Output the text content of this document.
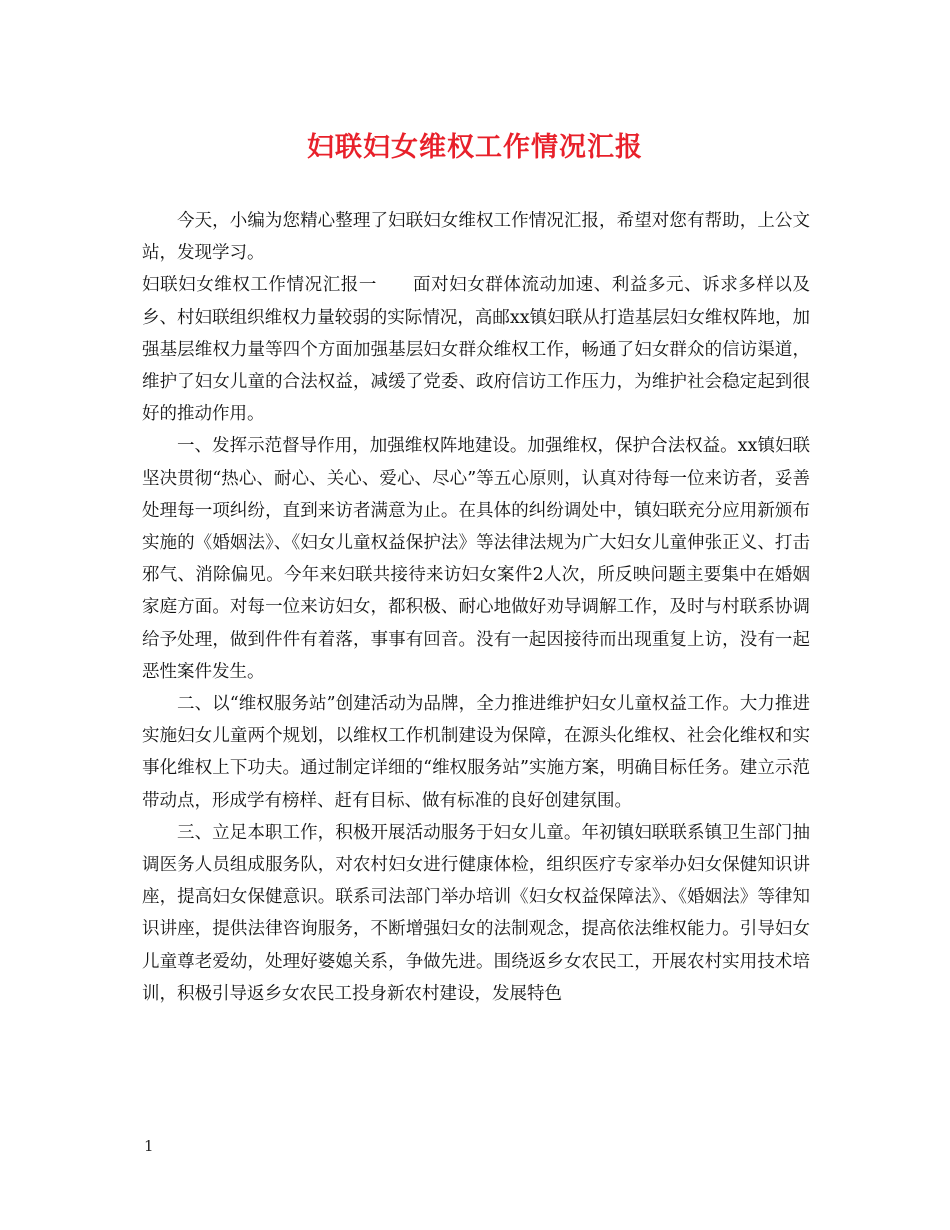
妇联妇女维权工作情况汇报

今天，小编为您精心整理了妇联妇女维权工作情况汇报，希望对您有帮助，上公文站，发现学习。

妇联妇女维权工作情况汇报一　　面对妇女群体流动加速、利益多元、诉求多样以及乡、村妇联组织维权力量较弱的实际情况，高邮xx镇妇联从打造基层妇女维权阵地，加强基层维权力量等四个方面加强基层妇女群众维权工作，畅通了妇女群众的信访渠道，维护了妇女儿童的合法权益，减缓了党委、政府信访工作压力，为维护社会稳定起到很好的推动作用。

一、发挥示范督导作用，加强维权阵地建设。加强维权，保护合法权益。xx镇妇联坚决贯彻“热心、耐心、关心、爱心、尽心”等五心原则，认真对待每一位来访者，妥善处理每一项纠纷，直到来访者满意为止。在具体的纠纷调处中，镇妇联充分应用新颁布实施的《婚姻法》、《妇女儿童权益保护法》等法律法规为广大妇女儿童伸张正义、打击邪气、消除偏见。今年来妇联共接待来访妇女案件2人次，所反映问题主要集中在婚姻家庭方面。对每一位来访妇女，都积极、耐心地做好劝导调解工作，及时与村联系协调给予处理，做到件件有着落，事事有回音。没有一起因接待而出现重复上访，没有一起恶性案件发生。

二、以“维权服务站”创建活动为品牌，全力推进维护妇女儿童权益工作。大力推进实施妇女儿童两个规划，以维权工作机制建设为保障，在源头化维权、社会化维权和实事化维权上下功夫。通过制定详细的“维权服务站”实施方案，明确目标任务。建立示范带动点，形成学有榜样、赶有目标、做有标准的良好创建氛围。

三、立足本职工作，积极开展活动服务于妇女儿童。年初镇妇联联系镇卫生部门抽调医务人员组成服务队，对农村妇女进行健康体检，组织医疗专家举办妇女保健知识讲座，提高妇女保健意识。联系司法部门举办培训《妇女权益保障法》、《婚姻法》等律知识讲座，提供法律咨询服务，不断增强妇女的法制观念，提高依法维权能力。引导妇女儿童尊老爱幼，处理好婆媳关系，争做先进。围绕返乡女农民工，开展农村实用技术培训，积极引导返乡女农民工投身新农村建设，发展特色

1
